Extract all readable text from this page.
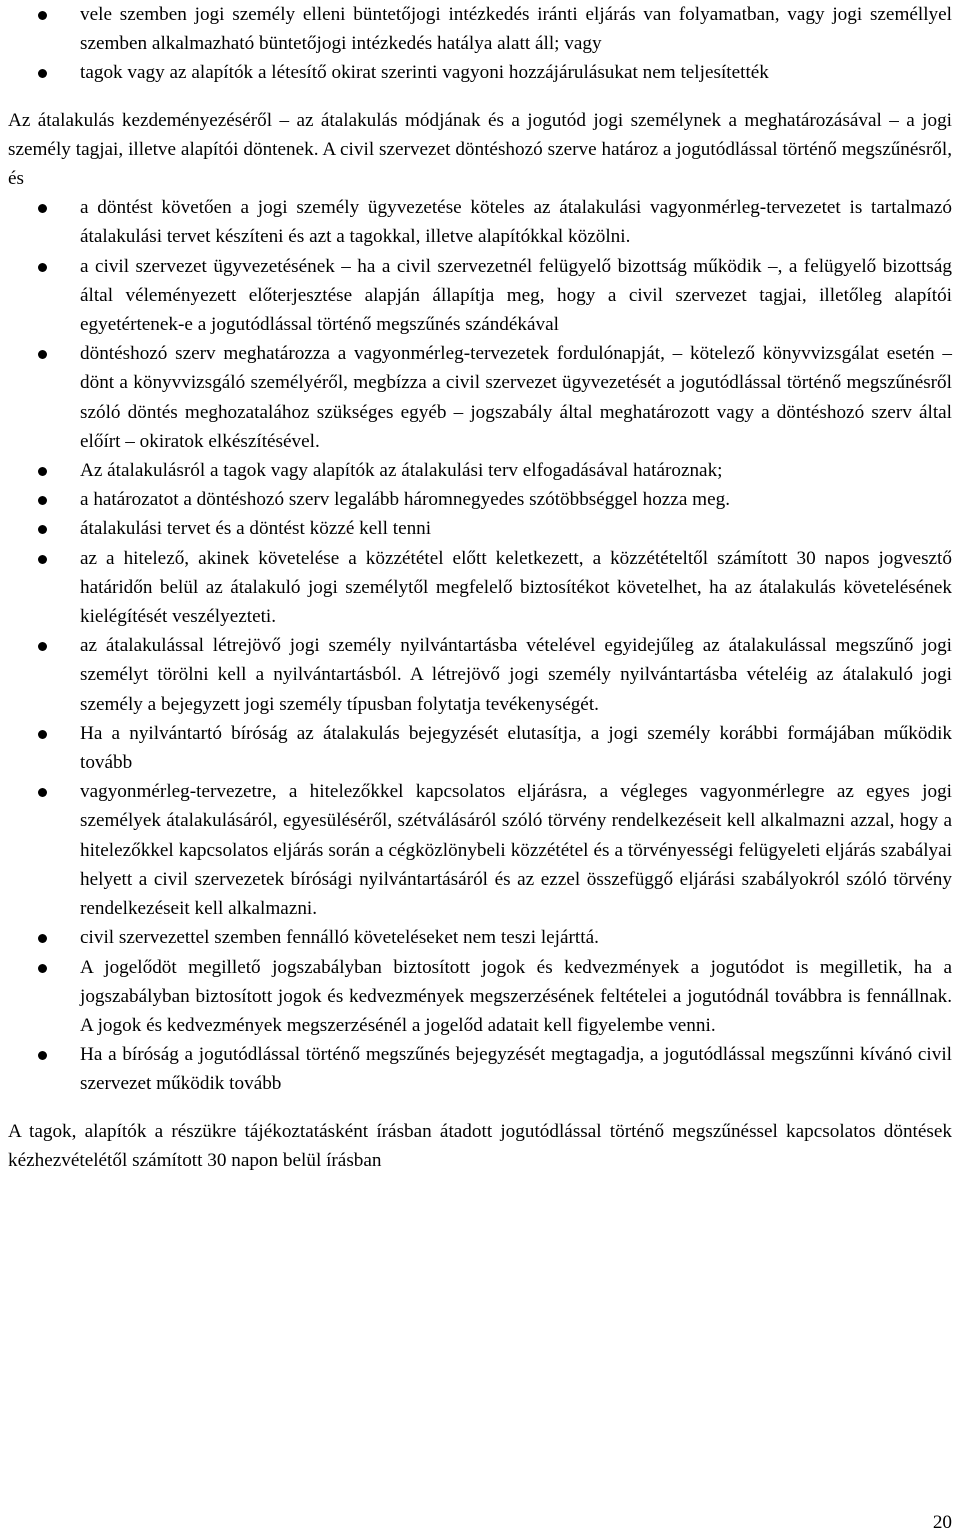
vele szemben jogi személy elleni büntetőjogi intézkedés iránti eljárás van folyamatban, vagy jogi személlyel szemben alkalmazható büntetőjogi intézkedés hatálya alatt áll; vagy
tagok vagy az alapítók a létesítő okirat szerinti vagyoni hozzájárulásukat nem teljesítették

Az átalakulás kezdeményezéséről ‒ az átalakulás módjának és a jogutód jogi személynek a meghatározásával ‒ a jogi személy tagjai, illetve alapítói döntenek. A civil szervezet döntéshozó szerve határoz a jogutódlással történő megszűnésről, és

a döntést követően a jogi személy ügyvezetése köteles az átalakulási vagyonmérleg-tervezetet is tartalmazó átalakulási tervet készíteni és azt a tagokkal, illetve alapítókkal közölni.
a civil szervezet ügyvezetésének ‒ ha a civil szervezetnél felügyelő bizottság működik ‒, a felügyelő bizottság által véleményezett előterjesztése alapján állapítja meg, hogy a civil szervezet tagjai, illetőleg alapítói egyetértenek-e a jogutódlással történő megszűnés szándékával
döntéshozó szerv meghatározza a vagyonmérleg-tervezetek fordulónapját, ‒ kötelező könyvvizsgálat esetén ‒ dönt a könyvvizsgáló személyéről, megbízza a civil szervezet ügyvezetését a jogutódlással történő megszűnésről szóló döntés meghozatalához szükséges egyéb ‒ jogszabály által meghatározott vagy a döntéshozó szerv által előírt ‒ okiratok elkészítésével.
Az átalakulásról a tagok vagy alapítók az átalakulási terv elfogadásával határoznak;
a határozatot a döntéshozó szerv legalább háromnegyedes szótöbbséggel hozza meg.
átalakulási tervet és a döntést közzé kell tenni
az a hitelező, akinek követelése a közzététel előtt keletkezett, a közzétételtől számított 30 napos jogvesztő határidőn belül az átalakuló jogi személytől megfelelő biztosítékot követelhet, ha az átalakulás követelésének kielégítését veszélyezteti.
az átalakulással létrejövő jogi személy nyilvántartásba vételével egyidejűleg az átalakulással megszűnő jogi személyt törölni kell a nyilvántartásból. A létrejövő jogi személy nyilvántartásba vételéig az átalakuló jogi személy a bejegyzett jogi személy típusban folytatja tevékenységét.
Ha a nyilvántartó bíróság az átalakulás bejegyzését elutasítja, a jogi személy korábbi formájában működik tovább
vagyonmérleg-tervezetre, a hitelezőkkel kapcsolatos eljárásra, a végleges vagyonmérlegre az egyes jogi személyek átalakulásáról, egyesüléséről, szétválásáról szóló törvény rendelkezéseit kell alkalmazni azzal, hogy a hitelezőkkel kapcsolatos eljárás során a cégközlönybeli közzététel és a törvényességi felügyeleti eljárás szabályai helyett a civil szervezetek bírósági nyilvántartásáról és az ezzel összefüggő eljárási szabályokról szóló törvény rendelkezéseit kell alkalmazni.
civil szervezettel szemben fennálló követeléseket nem teszi lejárttá.
A jogelődöt megillető jogszabályban biztosított jogok és kedvezmények a jogutódot is megilletik, ha a jogszabályban biztosított jogok és kedvezmények megszerzésének feltételei a jogutódnál továbbra is fennállnak. A jogok és kedvezmények megszerzésénél a jogelőd adatait kell figyelembe venni.
Ha a bíróság a jogutódlással történő megszűnés bejegyzését megtagadja, a jogutódlással megszűnni kívánó civil szervezet működik tovább

A tagok, alapítók a részükre tájékoztatásként írásban átadott jogutódlással történő megszűnéssel kapcsolatos döntések kézhezvételétől számított 30 napon belül írásban

20
